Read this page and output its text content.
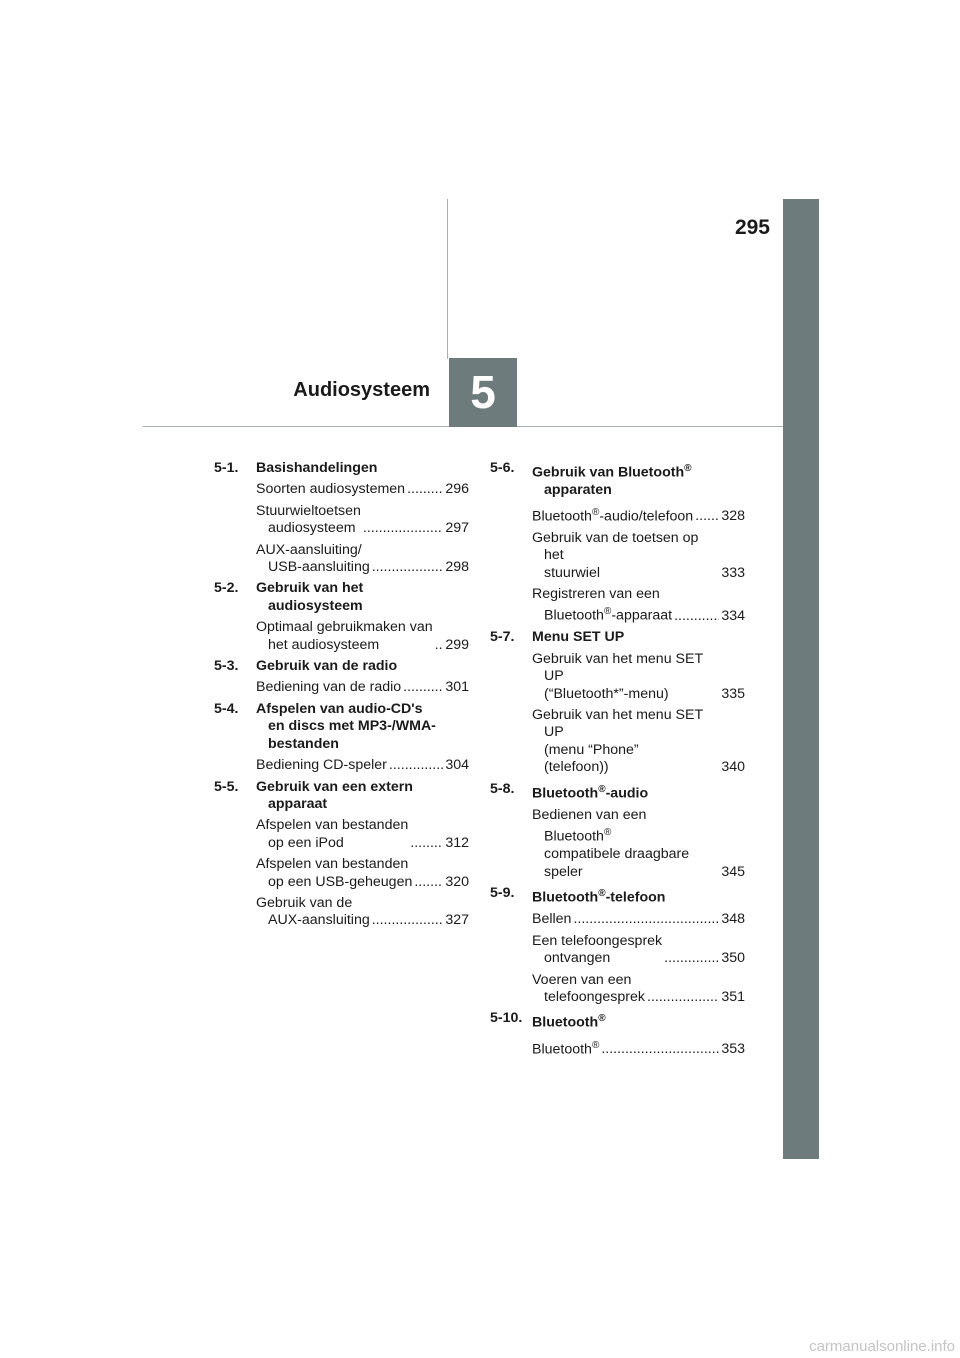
295
5
Audiosysteem
5-1.	Basishandelingen
Soorten audiosystemen .....	296
Stuurwieltoetsen
audiosysteem .....	297
AUX-aansluiting/
USB-aansluiting .....	298
5-2.	Gebruik van het
audiosysteem
Optimaal gebruikmaken van
het audiosysteem .....	299
5-3.	Gebruik van de radio
Bediening van de radio .....	301
5-4.	Afspelen van audio-CD's
en discs met MP3-/WMA-
bestanden
Bediening CD-speler .....	304
5-5.	Gebruik van een extern
apparaat
Afspelen van bestanden
op een iPod .....	312
Afspelen van bestanden
op een USB-geheugen ..... 320
Gebruik van de
AUX-aansluiting .....	327
5-6.	Gebruik van Bluetooth®
apparaten
Bluetooth®-audio/telefoon ..... 328
Gebruik van de toetsen op het
stuurwiel	333
Registreren van een
Bluetooth®-apparaat .....	334
5-7.	Menu SET UP
Gebruik van het menu SET UP
(“Bluetooth*”-menu)	335
Gebruik van het menu SET UP
(menu “Phone”
(telefoon))	340
5-8.	Bluetooth®-audio
Bedienen van een Bluetooth®
compatibele draagbare
speler	345
5-9.	Bluetooth®-telefoon
Bellen .....	348
Een telefoongesprek
ontvangen .....	350
Voeren van een
telefoongesprek .....	351
5-10. Bluetooth®
Bluetooth® .....	353
carmanualsonline.info
